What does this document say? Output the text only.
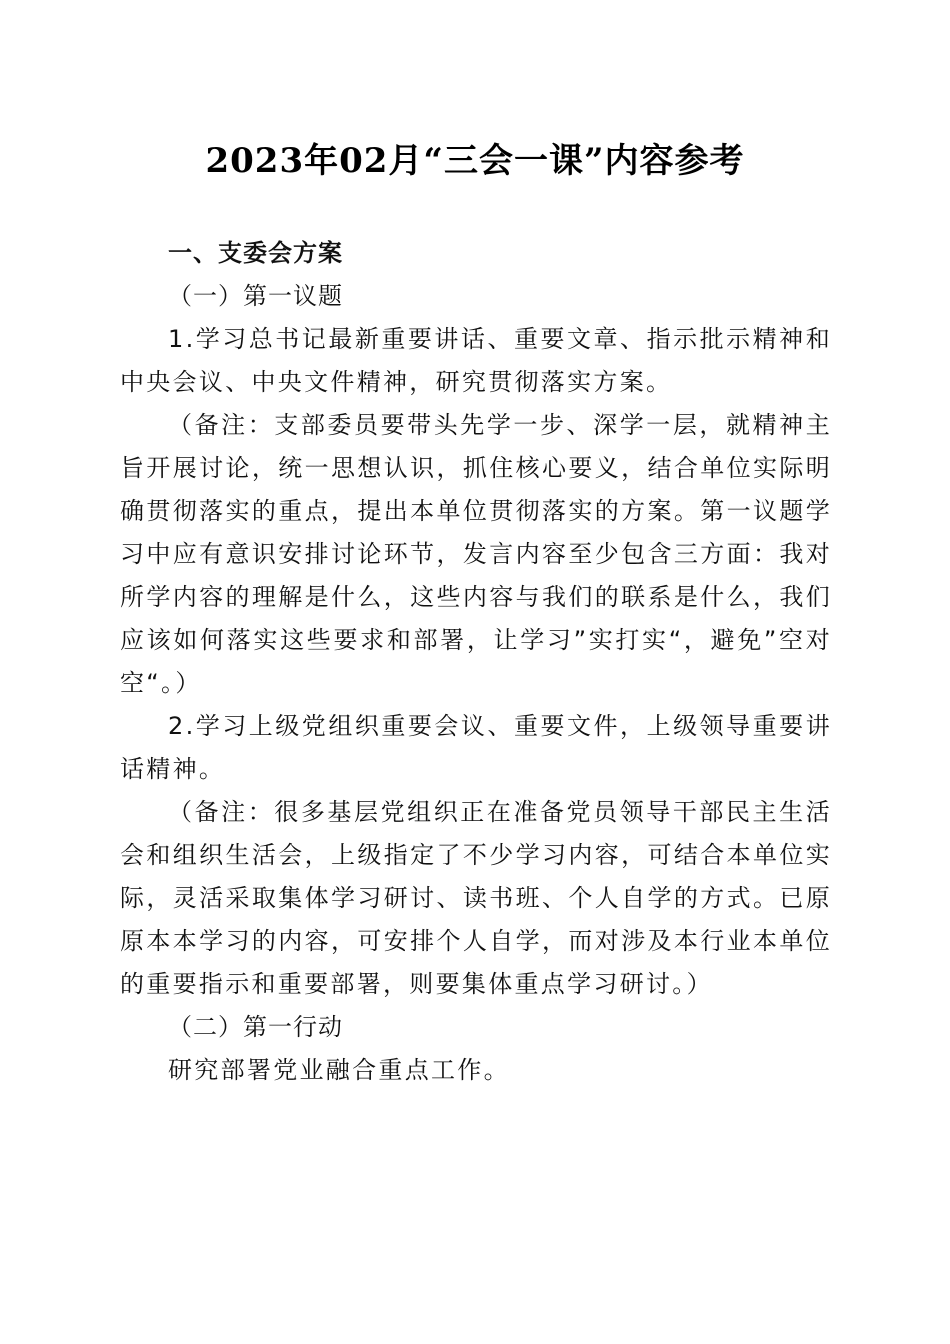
2023年02月“三会一课”内容参考

一、支委会方案

（一）第一议题

1.学习总书记最新重要讲话、重要文章、指示批示精神和中央会议、中央文件精神，研究贯彻落实方案。

（备注：支部委员要带头先学一步、深学一层，就精神主旨开展讨论，统一思想认识，抓住核心要义，结合单位实际明确贯彻落实的重点，提出本单位贯彻落实的方案。第一议题学习中应有意识安排讨论环节，发言内容至少包含三方面：我对所学内容的理解是什么，这些内容与我们的联系是什么，我们应该如何落实这些要求和部署，让学习”实打实“，避免”空对空“。）

2.学习上级党组织重要会议、重要文件，上级领导重要讲话精神。

（备注：很多基层党组织正在准备党员领导干部民主生活会和组织生活会，上级指定了不少学习内容，可结合本单位实际，灵活采取集体学习研讨、读书班、个人自学的方式。已原原本本学习的内容，可安排个人自学，而对涉及本行业本单位的重要指示和重要部署，则要集体重点学习研讨。）

（二）第一行动

研究部署党业融合重点工作。
